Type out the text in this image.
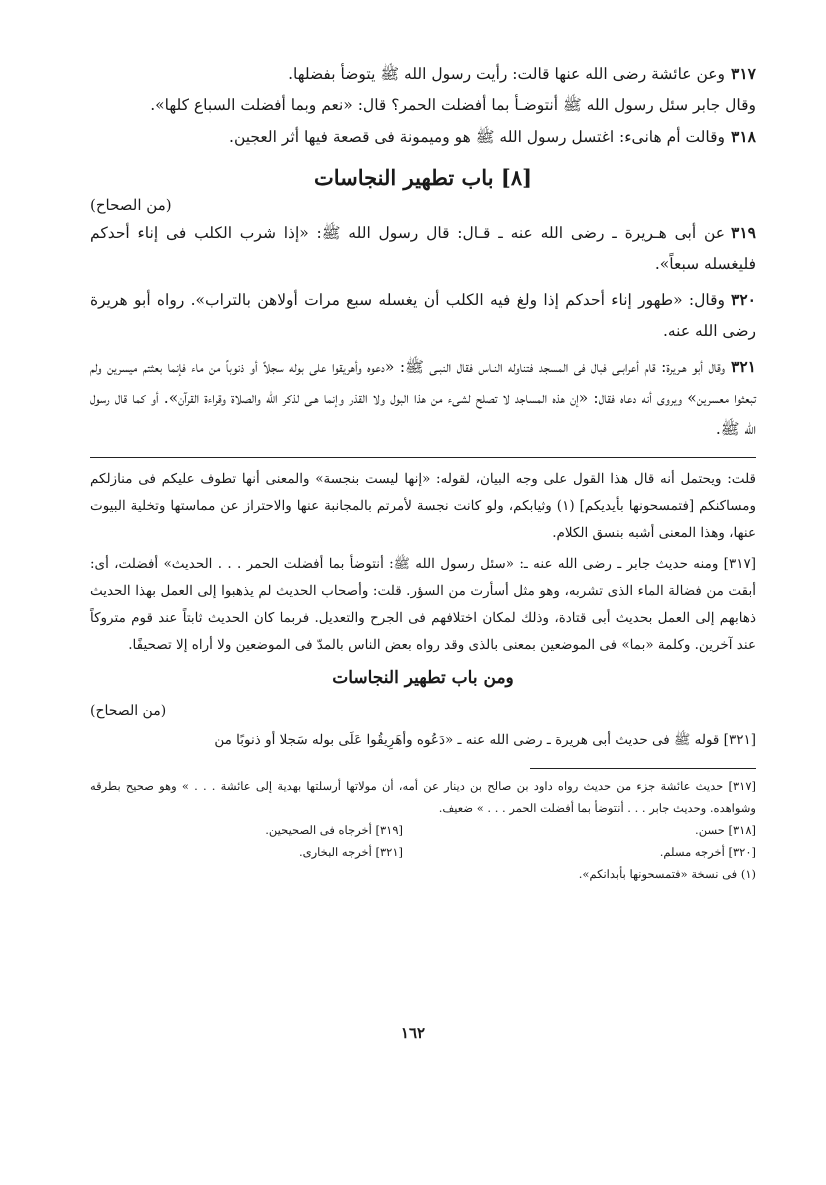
٣١٧وعن عائشة رضى الله عنها قالت: رأيت رسول الله ﷺ يتوضأ بفضلها.

وقال جابر سئل رسول الله ﷺ أنتوضـأ بما أفضلت الحمر؟ قال: «نعم وبما أفضلت السباع كلها».

٣١٨وقالت أم هانىء: اغتسل رسول الله ﷺ هو وميمونة فى قصعة فيها أثر العجين.

[٨] باب تطهير النجاسات

(من الصحاح)

٣١٩عن أبى هـريرة ـ رضى الله عنه ـ قـال: قال رسول الله ﷺ: «إذا شرب الكلب فى إناء أحدكم فليغسله سبعاً».

٣٢٠وقال: «طهور إناء أحدكم إذا ولغ فيه الكلب أن يغسله سبع مرات أولاهن بالتراب». رواه أبو هريرة رضى الله عنه.

٣٢١وقال أبو هـريرة: قام أعرابـى فبال فى المسجد فتناوله النـاس فقال النبـى ﷺ: «دعوه وأهريقوا على بوله سجلاً أو ذنوباً من ماء فإنما بعثتم ميسرين ولم تبعثوا معسرين» ويروى أنه دعاه فقال: «إن هذه المساجد لا تصلح لشىء من هذا البول ولا القذر وإنما هـى لذكر الله والصلاة وقراءة القرآن». أو كما قال رسول الله ﷺ.

قلت: ويحتمل أنه قال هذا القول على وجه البيان، لقوله: «إنها ليست بنجسة» والمعنى أنها تطوف عليكم فى منازلكم ومساكنكم [فتمسحونها بأيديكم] (١) وثيابكم، ولو كانت نجسة لأمرتم بالمجانبة عنها والاحتراز عن مماستها وتخلية البيوت عنها، وهذا المعنى أشبه بنسق الكلام.

[٣١٧] ومنه حديث جابر ـ رضى الله عنه ـ: «سئل رسول الله ﷺ: أنتوضأ بما أفضلت الحمر . . . الحديث» أفضلت، أى: أبقت من فضالة الماء الذى تشربه، وهو مثل أسأرت من السؤر. قلت: وأصحاب الحديث لم يذهبوا إلى العمل بهذا الحديث ذهابهم إلى العمل بحديث أبى قتادة، وذلك لمكان اختلافهم فى الجرح والتعديل. فربما كان الحديث ثابتاً عند قوم متروكاً عند آخرين. وكلمة «بما» فى الموضعين بمعنى بالذى وقد رواه بعض الناس بالمدّ فى الموضعين ولا أراه إلا تصحيفًا.

ومن باب تطهير النجاسات

(من الصحاح)

[٣٢١] قوله ﷺ فى حديث أبى هريرة ـ رضى الله عنه ـ «دَعُوه وأهَرِيقُوا عَلَى بوله سَجلا أو ذنوبًا من

[٣١٧] حديث عائشة جزء من حديث رواه داود بن صالح بن دينار عن أمه، أن مولاتها أرسلتها بهدية إلى عائشة . . . » وهو صحيح بطرقه وشواهده. وحديث جابر . . . أنتوضأ بما أفضلت الحمر . . . » ضعيف.

[٣١٨] حسن.
[٣١٩] أخرجاه فى الصحيحين.
[٣٢٠] أخرجه مسلم.
[٣٢١] أخرجه البخارى.

(١) فى نسخة «فتمسحونها بأبدانكم».

١٦٢
